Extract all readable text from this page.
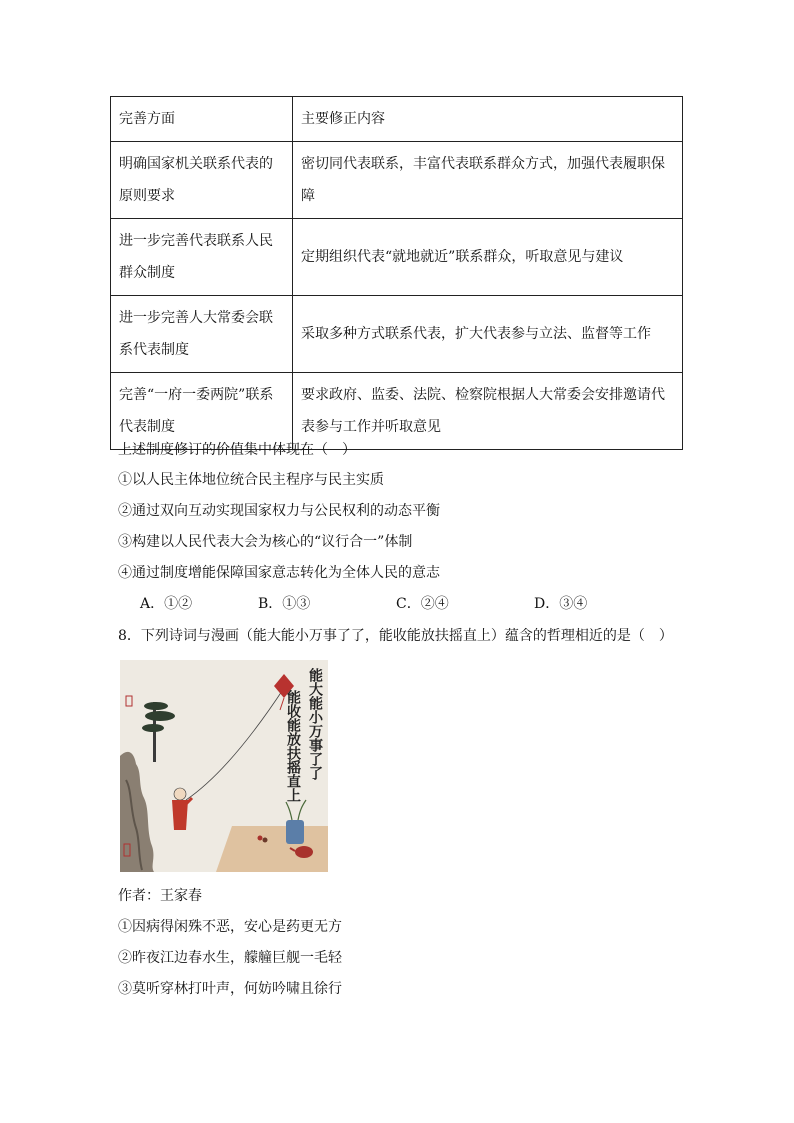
完善方面	主要修正内容
明确国家机关联系代表的原则要求	密切同代表联系，丰富代表联系群众方式，加强代表履职保障
进一步完善代表联系人民群众制度	定期组织代表“就地就近”联系群众，听取意见与建议
进一步完善人大常委会联系代表制度	采取多种方式联系代表，扩大代表参与立法、监督等工作
完善“一府一委两院”联系代表制度	要求政府、监委、法院、检察院根据人大常委会安排邀请代表参与工作并听取意见
上述制度修订的价值集中体现在（　）
①以人民主体地位统合民主程序与民主实质
②通过双向互动实现国家权力与公民权利的动态平衡
③构建以人民代表大会为核心的“议行合一”体制
④通过制度增能保障国家意志转化为全体人民的意志
A．①②	B．①③	C．②④	D．③④
8．下列诗词与漫画（能大能小万事了了，能收能放扶摇直上）蕴含的哲理相近的是（　）
能大能小万事了了
能收能放扶摇直上
作者：王家春
①因病得闲殊不恶，安心是药更无方
②昨夜江边春水生，艨艟巨舰一毛轻
③莫听穿林打叶声，何妨吟啸且徐行
